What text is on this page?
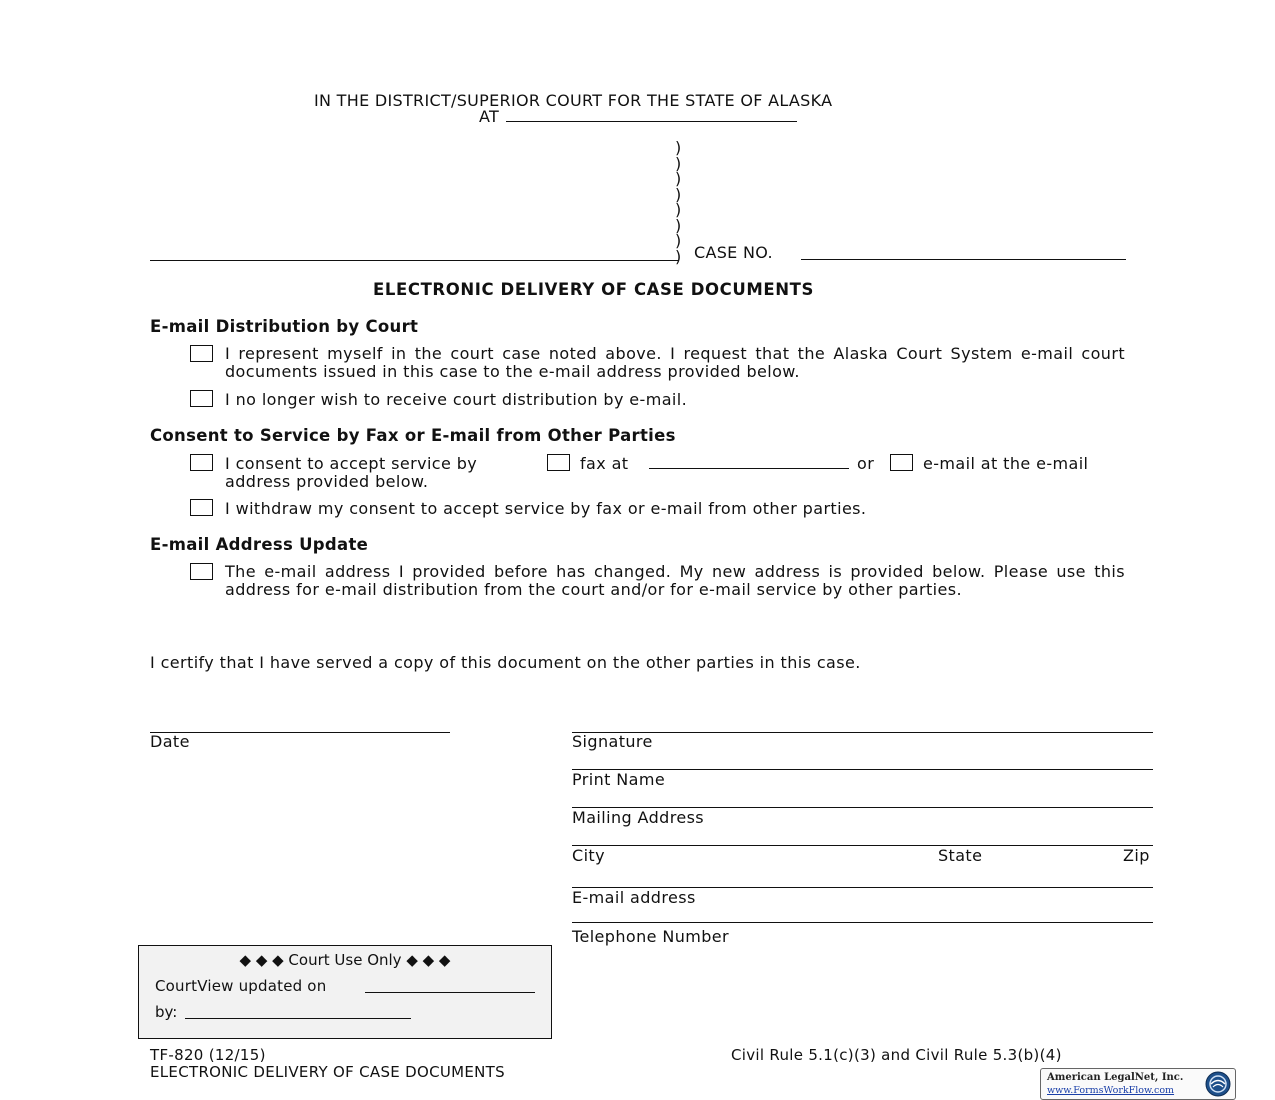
IN THE DISTRICT/SUPERIOR COURT FOR THE STATE OF ALASKA
AT
)
)
)
)
)
)
)
) CASE NO.
ELECTRONIC DELIVERY OF CASE DOCUMENTS
E-mail Distribution by Court
I represent myself in the court case noted above. I request that the Alaska Court System e-mail court documents issued in this case to the e-mail address provided below.
I no longer wish to receive court distribution by e-mail.
Consent to Service by Fax or E-mail from Other Parties
I consent to accept service by	fax at	or	e-mail at the e-mail
address provided below.
I withdraw my consent to accept service by fax or e-mail from other parties.
E-mail Address Update
The e-mail address I provided before has changed. My new address is provided below. Please use this address for e-mail distribution from the court and/or for e-mail service by other parties.
I certify that I have served a copy of this document on the other parties in this case.
Date	Signature
Print Name
Mailing Address
City	State	Zip
E-mail address
Telephone Number
◆ ◆ ◆ Court Use Only ◆ ◆ ◆
CourtView updated on
by:
TF-820 (12/15)
ELECTRONIC DELIVERY OF CASE DOCUMENTS
Civil Rule 5.1(c)(3) and Civil Rule 5.3(b)(4)
American LegalNet, Inc.
www.FormsWorkFlow.com
